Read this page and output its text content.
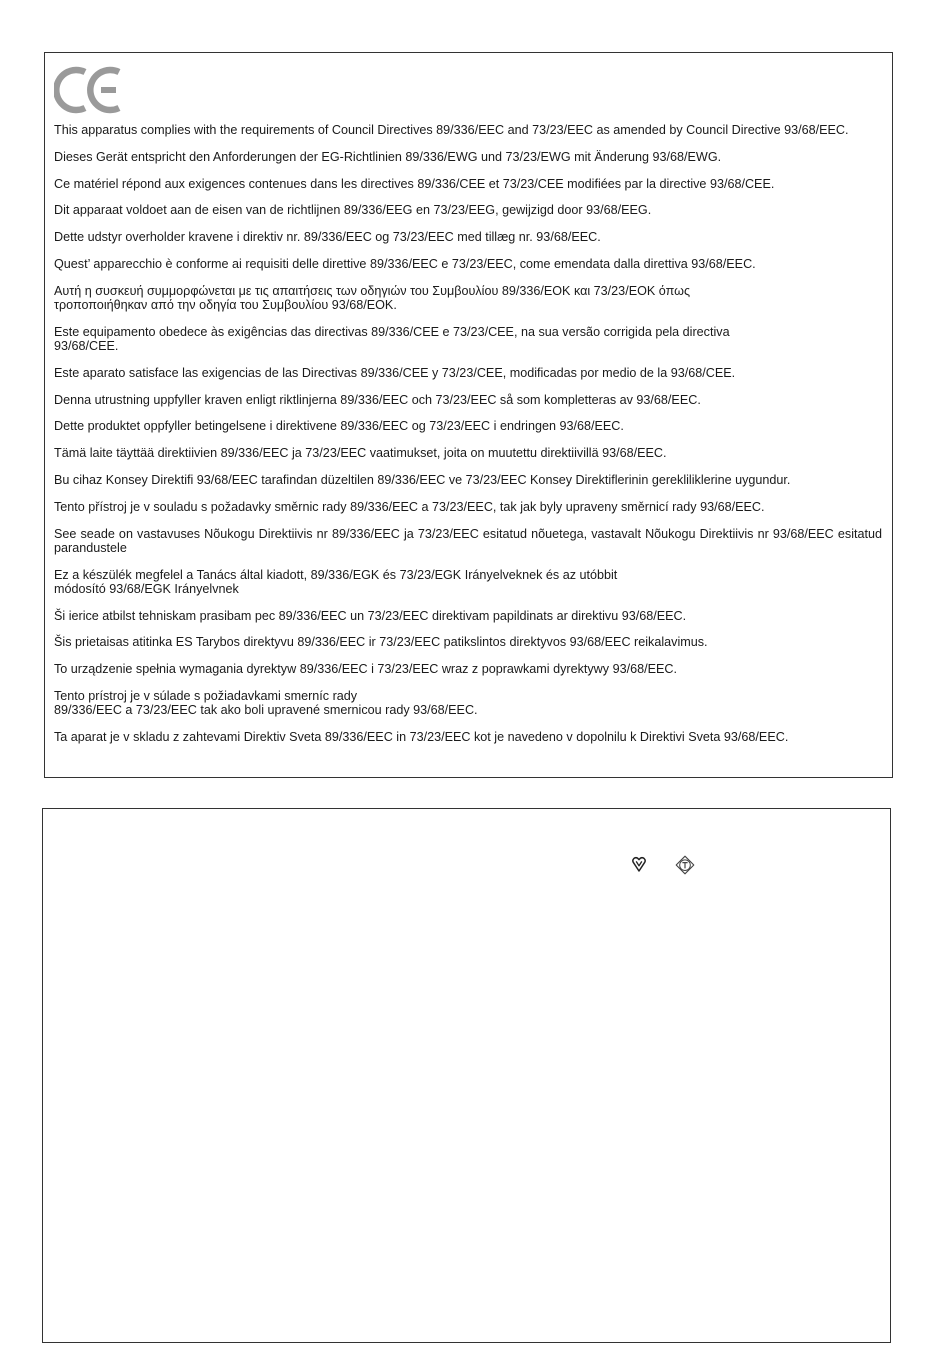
This apparatus complies with the requirements of Council Directives 89/336/EEC and 73/23/EEC as amended by Council Directive 93/68/EEC.
Dieses Gerät entspricht den Anforderungen der EG-Richtlinien 89/336/EWG und 73/23/EWG mit Änderung 93/68/EWG.
Ce matériel répond aux exigences contenues dans les directives 89/336/CEE et 73/23/CEE modifiées par la directive 93/68/CEE.
Dit apparaat voldoet aan de eisen van de richtlijnen 89/336/EEG en 73/23/EEG, gewijzigd door 93/68/EEG.
Dette udstyr overholder kravene i direktiv nr. 89/336/EEC og 73/23/EEC med tillæg nr. 93/68/EEC.
Quest’ apparecchio è conforme ai requisiti delle direttive 89/336/EEC e 73/23/EEC, come emendata dalla direttiva 93/68/EEC.
Αυτή η συσκευή συμμορφώνεται με τις απαιτήσεις των οδηγιών του Συμβουλίου 89/336/ΕΟΚ και 73/23/ΕΟΚ όπως
τροποποιήθηκαν από την οδηγία του Συμβουλίου 93/68/ΕΟΚ.
Este equipamento obedece às exigências das directivas 89/336/CEE e 73/23/CEE, na sua versão corrigida pela directiva
93/68/CEE.
Este aparato satisface las exigencias de las Directivas 89/336/CEE y 73/23/CEE, modificadas por medio de la 93/68/CEE.
Denna utrustning uppfyller kraven enligt riktlinjerna 89/336/EEC och 73/23/EEC så som kompletteras av 93/68/EEC.
Dette produktet oppfyller betingelsene i direktivene 89/336/EEC og 73/23/EEC i endringen 93/68/EEC.
Tämä laite täyttää direktiivien 89/336/EEC ja 73/23/EEC vaatimukset, joita on muutettu direktiivillä 93/68/EEC.
Bu cihaz Konsey Direktifi 93/68/EEC tarafindan düzeltilen 89/336/EEC ve 73/23/EEC Konsey Direktiflerinin gerekliliklerine uygundur.
Tento přístroj je v souladu s požadavky směrnic rady 89/336/EEC a 73/23/EEC, tak jak byly upraveny směrnicí rady 93/68/EEC.
See seade on vastavuses Nõukogu Direktiivis nr 89/336/EEC ja 73/23/EEC esitatud nõuetega, vastavalt Nõukogu Direktiivis nr 93/68/EEC esitatud parandustele
Ez a készülék megfelel a Tanács által kiadott, 89/336/EGK és 73/23/EGK Irányelveknek és az utóbbit
módosító 93/68/EGK Irányelvnek
Ši ierice atbilst tehniskam prasibam pec 89/336/EEC un 73/23/EEC direktivam papildinats ar direktivu 93/68/EEC.
Šis prietaisas atitinka ES Tarybos direktyvu 89/336/EEC ir 73/23/EEC patikslintos direktyvos 93/68/EEC reikalavimus.
To urządzenie spełnia wymagania dyrektyw 89/336/EEC i 73/23/EEC wraz z poprawkami dyrektywy 93/68/EEC.
Tento prístroj je v súlade s požiadavkami smerníc rady
89/336/EEC a 73/23/EEC tak ako boli upravené smernicou rady 93/68/EEC.
Ta aparat je v skladu z zahtevami Direktiv Sveta 89/336/EEC in 73/23/EEC kot je navedeno v dopolnilu k Direktivi Sveta 93/68/EEC.
